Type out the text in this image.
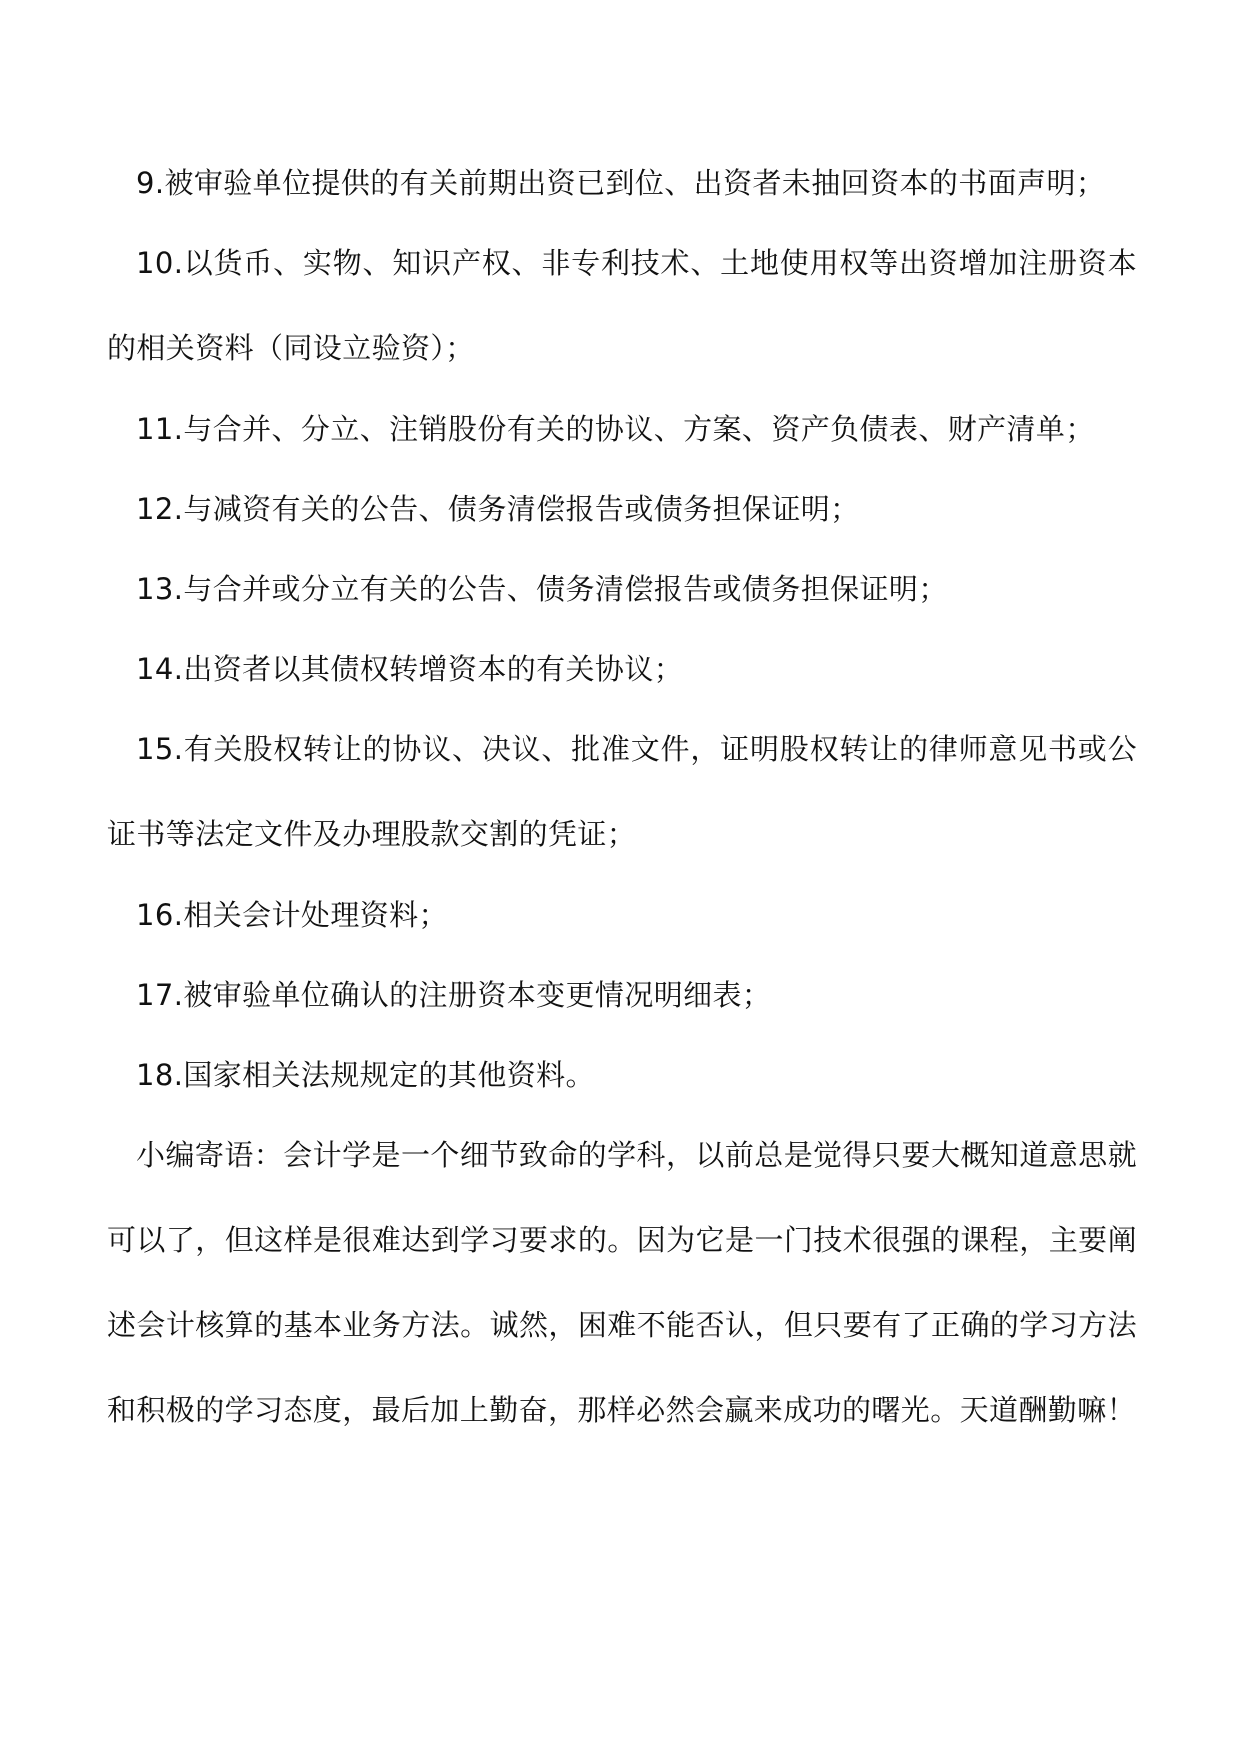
9.被审验单位提供的有关前期出资已到位、出资者未抽回资本的书面声明；

10.以货币、实物、知识产权、非专利技术、土地使用权等出资增加注册资本的相关资料（同设立验资）；

11.与合并、分立、注销股份有关的协议、方案、资产负债表、财产清单；

12.与减资有关的公告、债务清偿报告或债务担保证明；

13.与合并或分立有关的公告、债务清偿报告或债务担保证明；

14.出资者以其债权转增资本的有关协议；

15.有关股权转让的协议、决议、批准文件，证明股权转让的律师意见书或公证书等法定文件及办理股款交割的凭证；

16.相关会计处理资料；

17.被审验单位确认的注册资本变更情况明细表；

18.国家相关法规规定的其他资料。

小编寄语：会计学是一个细节致命的学科，以前总是觉得只要大概知道意思就可以了，但这样是很难达到学习要求的。因为它是一门技术很强的课程，主要阐述会计核算的基本业务方法。诚然，困难不能否认，但只要有了正确的学习方法和积极的学习态度，最后加上勤奋，那样必然会赢来成功的曙光。天道酬勤嘛！
